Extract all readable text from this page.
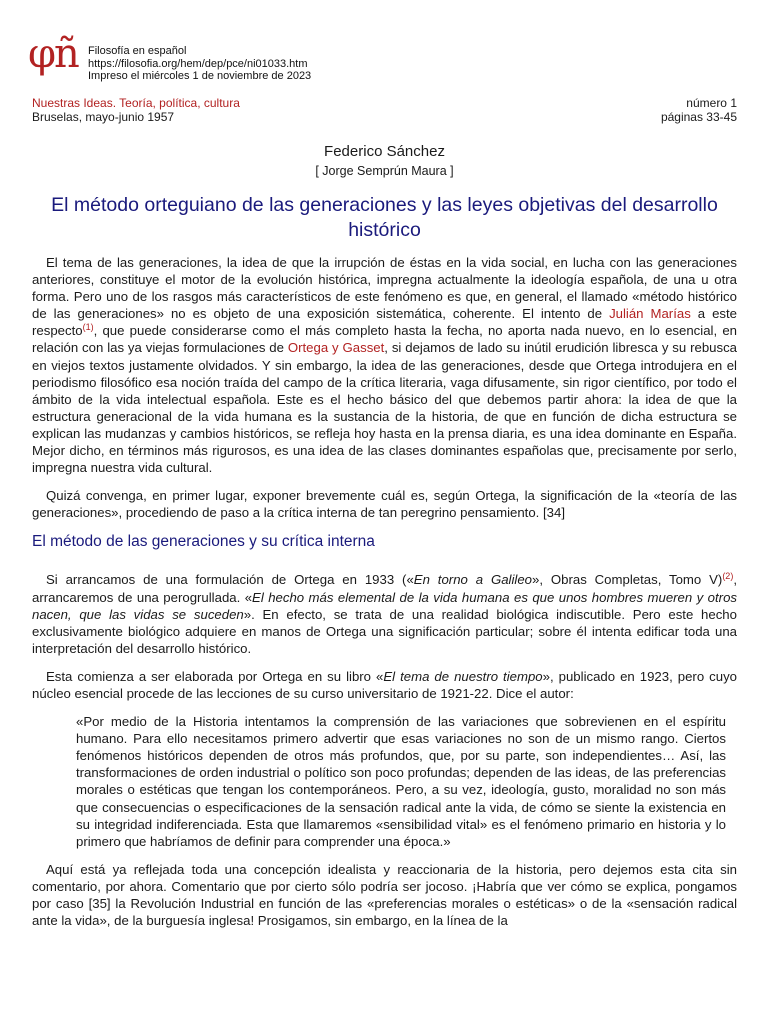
φñ Filosofía en español
https://filosofia.org/hem/dep/pce/ni01033.htm
Impreso el miércoles 1 de noviembre de 2023
Nuestras Ideas. Teoría, política, cultura
Bruselas, mayo-junio 1957
número 1
páginas 33-45
Federico Sánchez
[ Jorge Semprún Maura ]
El método orteguiano de las generaciones y las leyes objetivas del desarrollo histórico

El tema de las generaciones, la idea de que la irrupción de éstas en la vida social, en lucha con las generaciones anteriores, constituye el motor de la evolución histórica, impregna actualmente la ideología española, de una u otra forma. Pero uno de los rasgos más característicos de este fenómeno es que, en general, el llamado «método histórico de las generaciones» no es objeto de una exposición sistemática, coherente. El intento de Julián Marías a este respecto$^{(1)}$, que puede considerarse como el más completo hasta la fecha, no aporta nada nuevo, en lo esencial, en relación con las ya viejas formulaciones de Ortega y Gasset, si dejamos de lado su inútil erudición libresca y su rebusca en viejos textos justamente olvidados. Y sin embargo, la idea de las generaciones, desde que Ortega introdujera en el periodismo filosófico esa noción traída del campo de la crítica literaria, vaga difusamente, sin rigor científico, por todo el ámbito de la vida intelectual española. Este es el hecho básico del que debemos partir ahora: la idea de que la estructura generacional de la vida humana es la sustancia de la historia, de que en función de dicha estructura se explican las mudanzas y cambios históricos, se refleja hoy hasta en la prensa diaria, es una idea dominante en España. Mejor dicho, en términos más rigurosos, es una idea de las clases dominantes españolas que, precisamente por serlo, impregna nuestra vida cultural.

Quizá convenga, en primer lugar, exponer brevemente cuál es, según Ortega, la significación de la «teoría de las generaciones», procediendo de paso a la crítica interna de tan peregrino pensamiento. [34]

El método de las generaciones y su crítica interna

Si arrancamos de una formulación de Ortega en 1933 («En torno a Galileo», Obras Completas, Tomo V)$^{(2)}$, arrancaremos de una perogrullada. «El hecho más elemental de la vida humana es que unos hombres mueren y otros nacen, que las vidas se suceden». En efecto, se trata de una realidad biológica indiscutible. Pero este hecho exclusivamente biológico adquiere en manos de Ortega una significación particular; sobre él intenta edificar toda una interpretación del desarrollo histórico.

Esta comienza a ser elaborada por Ortega en su libro «El tema de nuestro tiempo», publicado en 1923, pero cuyo núcleo esencial procede de las lecciones de su curso universitario de 1921-22. Dice el autor:

«Por medio de la Historia intentamos la comprensión de las variaciones que sobrevienen en el espíritu humano. Para ello necesitamos primero advertir que esas variaciones no son de un mismo rango. Ciertos fenómenos históricos dependen de otros más profundos, que, por su parte, son independientes… Así, las transformaciones de orden industrial o político son poco profundas; dependen de las ideas, de las preferencias morales o estéticas que tengan los contemporáneos. Pero, a su vez, ideología, gusto, moralidad no son más que consecuencias o especificaciones de la sensación radical ante la vida, de cómo se siente la existencia en su integridad indiferenciada. Esta que llamaremos «sensibilidad vital» es el fenómeno primario en historia y lo primero que habríamos de definir para comprender una época.»

Aquí está ya reflejada toda una concepción idealista y reaccionaria de la historia, pero dejemos esta cita sin comentario, por ahora. Comentario que por cierto sólo podría ser jocoso. ¡Habría que ver cómo se explica, pongamos por caso [35] la Revolución Industrial en función de las «preferencias morales o estéticas» o de la «sensación radical ante la vida», de la burguesía inglesa! Prosigamos, sin embargo, en la línea de la
